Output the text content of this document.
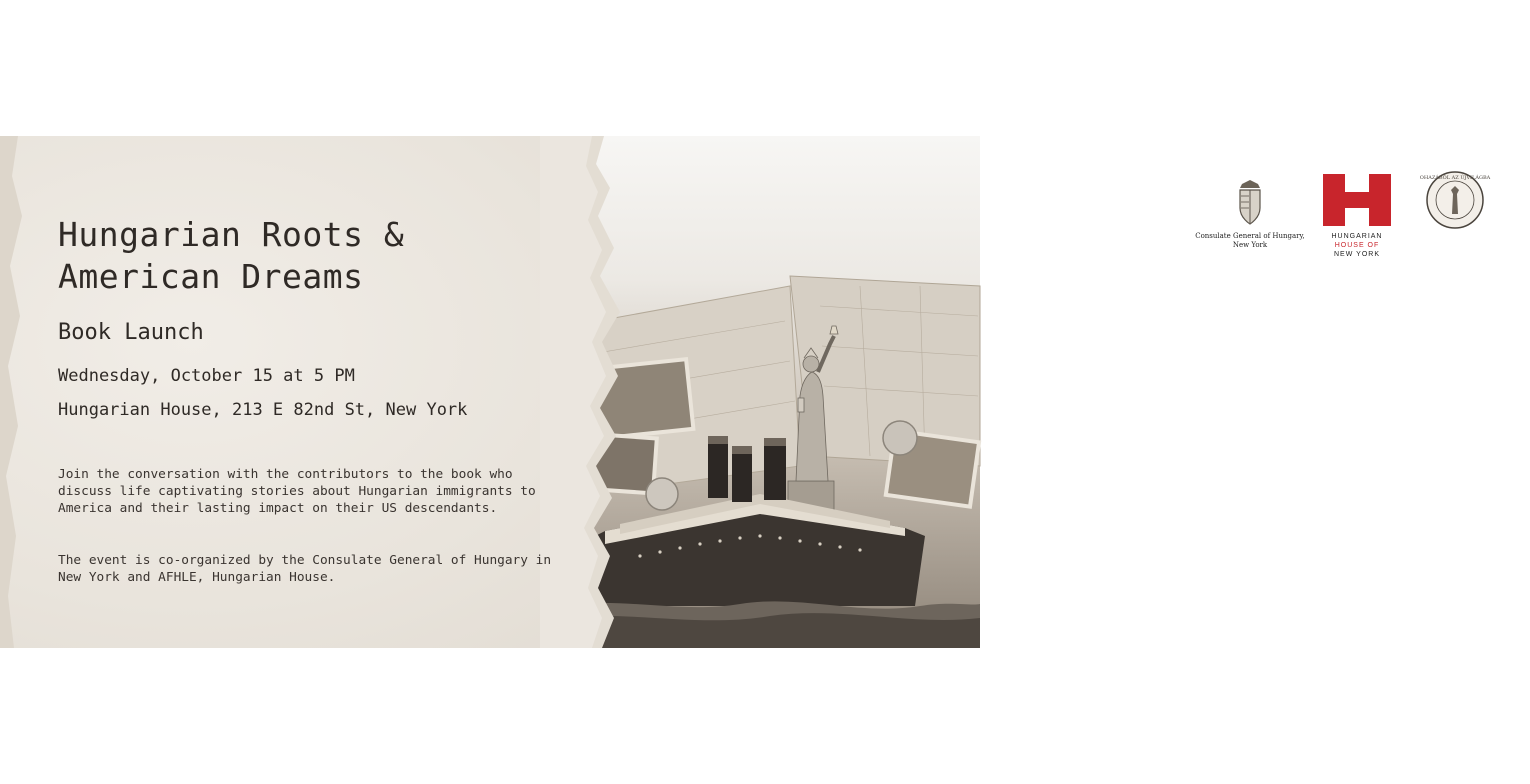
Consulate General of Hungary,
New York
HUNGARIAN
HOUSE OF
NEW YORK
OHAZÁBÓL AZ ÚJVILÁGBA
Hungarian Roots &
American Dreams
Book Launch
Wednesday, October 15 at 5 PM
Hungarian House, 213 E 82nd St, New York

Join the conversation with the contributors to the book who discuss life captivating stories about Hungarian immigrants to America and their lasting impact on their US descendants.

The event is co-organized by the Consulate General of Hungary in New York and AFHLE, Hungarian House.
